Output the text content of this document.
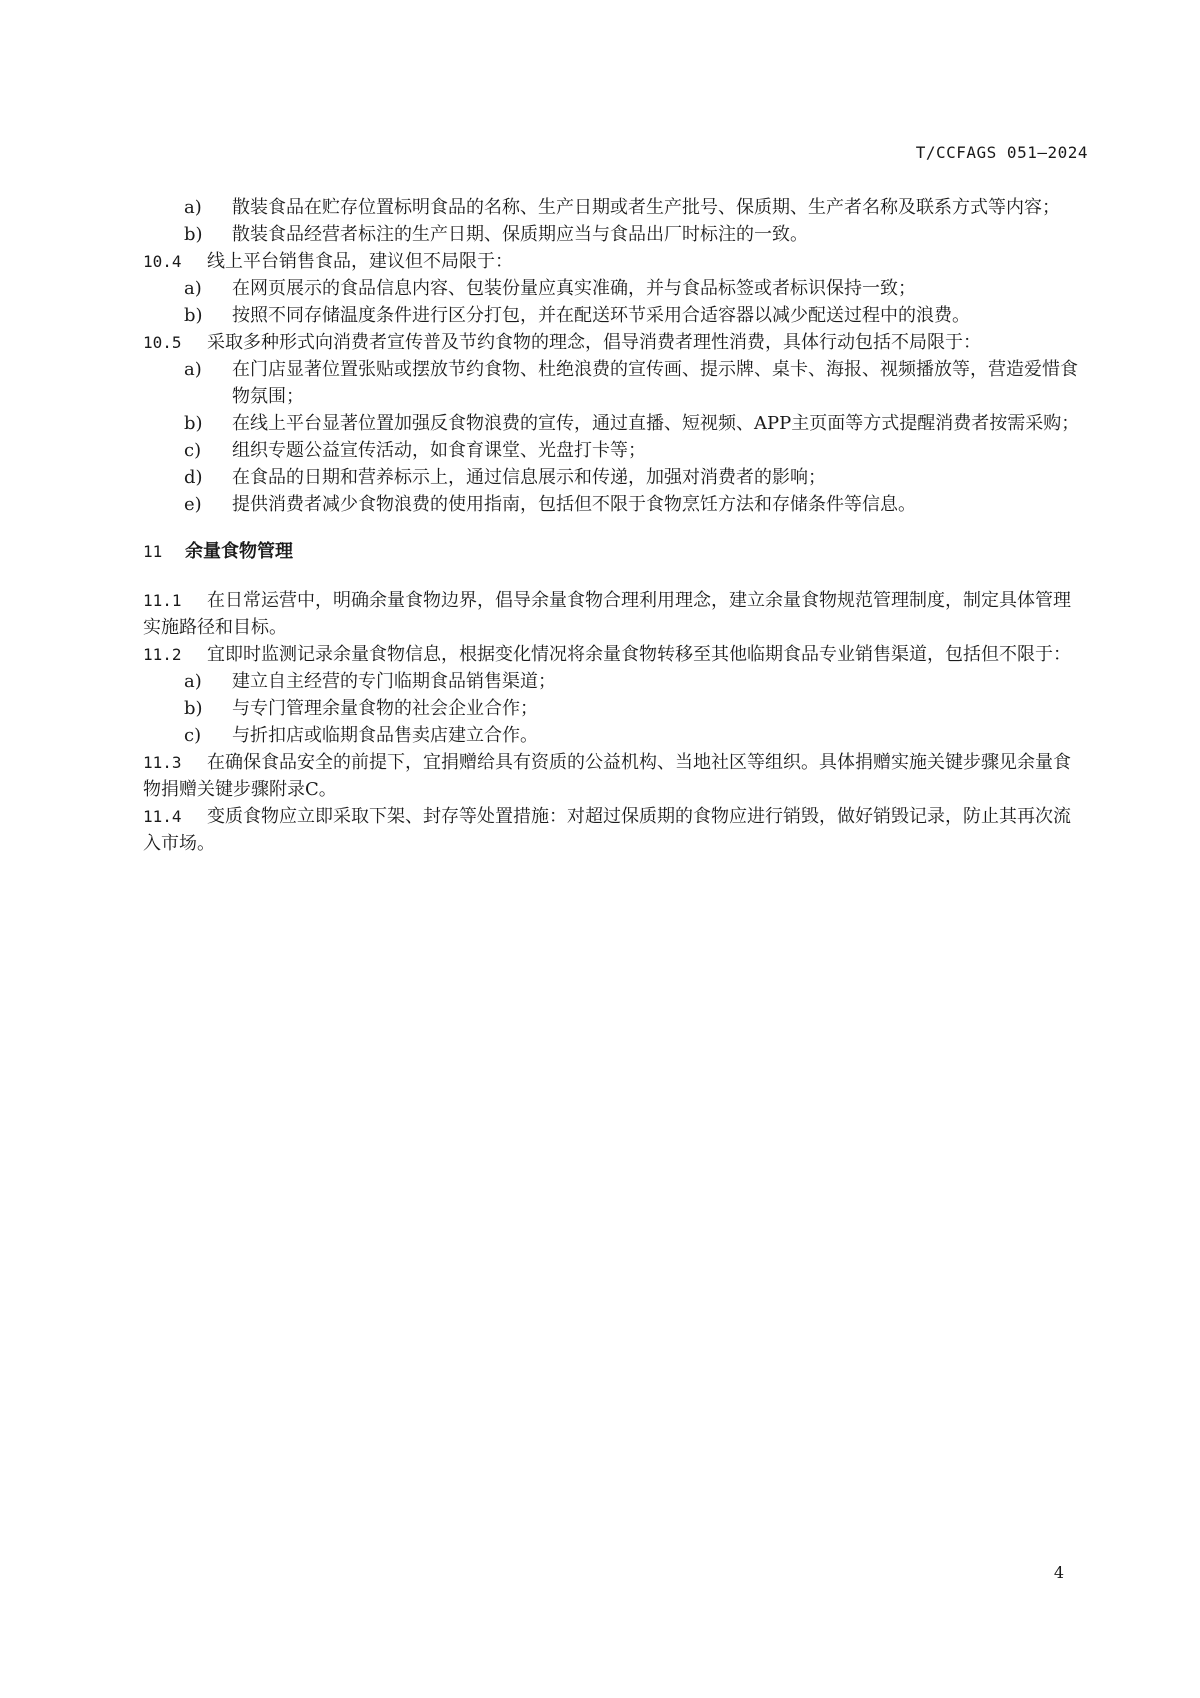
T/CCFAGS 051—2024
a) 散装食品在贮存位置标明食品的名称、生产日期或者生产批号、保质期、生产者名称及联系方式等内容；
b) 散装食品经营者标注的生产日期、保质期应当与食品出厂时标注的一致。
10.4 线上平台销售食品，建议但不局限于：
a) 在网页展示的食品信息内容、包装份量应真实准确，并与食品标签或者标识保持一致；
b) 按照不同存储温度条件进行区分打包，并在配送环节采用合适容器以减少配送过程中的浪费。
10.5 采取多种形式向消费者宣传普及节约食物的理念，倡导消费者理性消费，具体行动包括不局限于：
a) 在门店显著位置张贴或摆放节约食物、杜绝浪费的宣传画、提示牌、桌卡、海报、视频播放等，营造爱惜食物氛围；
b) 在线上平台显著位置加强反食物浪费的宣传，通过直播、短视频、APP主页面等方式提醒消费者按需采购；
c) 组织专题公益宣传活动，如食育课堂、光盘打卡等；
d) 在食品的日期和营养标示上，通过信息展示和传递，加强对消费者的影响；
e) 提供消费者减少食物浪费的使用指南，包括但不限于食物烹饪方法和存储条件等信息。
11 余量食物管理
11.1 在日常运营中，明确余量食物边界，倡导余量食物合理利用理念，建立余量食物规范管理制度，制定具体管理实施路径和目标。
11.2 宜即时监测记录余量食物信息，根据变化情况将余量食物转移至其他临期食品专业销售渠道，包括但不限于：
a) 建立自主经营的专门临期食品销售渠道；
b) 与专门管理余量食物的社会企业合作；
c) 与折扣店或临期食品售卖店建立合作。
11.3 在确保食品安全的前提下，宜捐赠给具有资质的公益机构、当地社区等组织。具体捐赠实施关键步骤见余量食物捐赠关键步骤附录C。
11.4 变质食物应立即采取下架、封存等处置措施：对超过保质期的食物应进行销毁，做好销毁记录，防止其再次流入市场。
4
